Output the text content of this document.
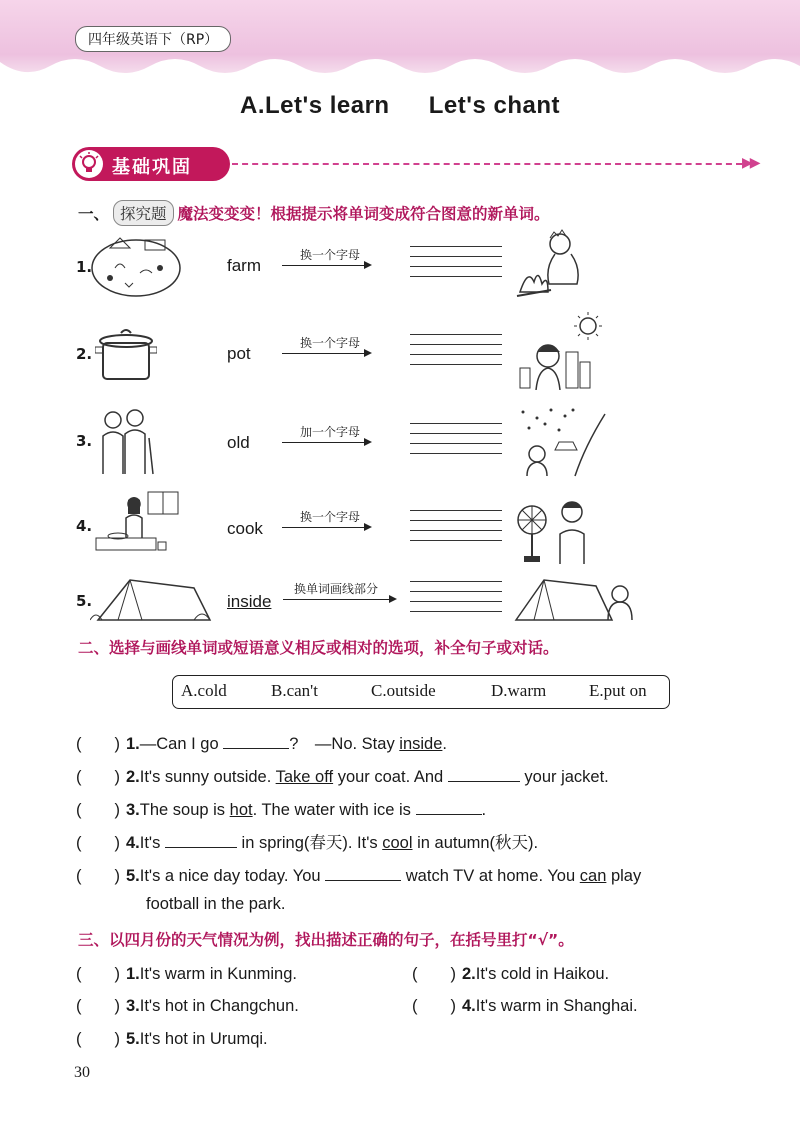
四年级英语下（RP）
A.Let's learn Let's chant
基础巩固	▶▶
一、 探究题 魔法变变变！根据提示将单词变成符合图意的新单词。
1.	farm
换一个字母
2.	pot
换一个字母
3.	old
加一个字母
4.	cook
换一个字母
5.	inside
换单词画线部分
二、选择与画线单词或短语意义相反或相对的选项，补全句子或对话。
A.cold	B.can't	C.outside	D.warm	E.put on
(　　) 1.—Can I go	?　—No. Stay inside.
(　　) 2.It's sunny outside. Take off your coat. And	your jacket.
(　　) 3.The soup is hot. The water with ice is	.
(　　) 4.It's	in spring(春天). It's cool in autumn(秋天).
(　　) 5.It's a nice day today. You	watch TV at home. You can play
football in the park.
三、以四月份的天气情况为例，找出描述正确的句子，在括号里打“√”。
(　　) 1.It's warm in Kunming.	(　　) 2.It's cold in Haikou.
(　　) 3.It's hot in Changchun.	(　　) 4.It's warm in Shanghai.
(　　) 5.It's hot in Urumqi.
30
